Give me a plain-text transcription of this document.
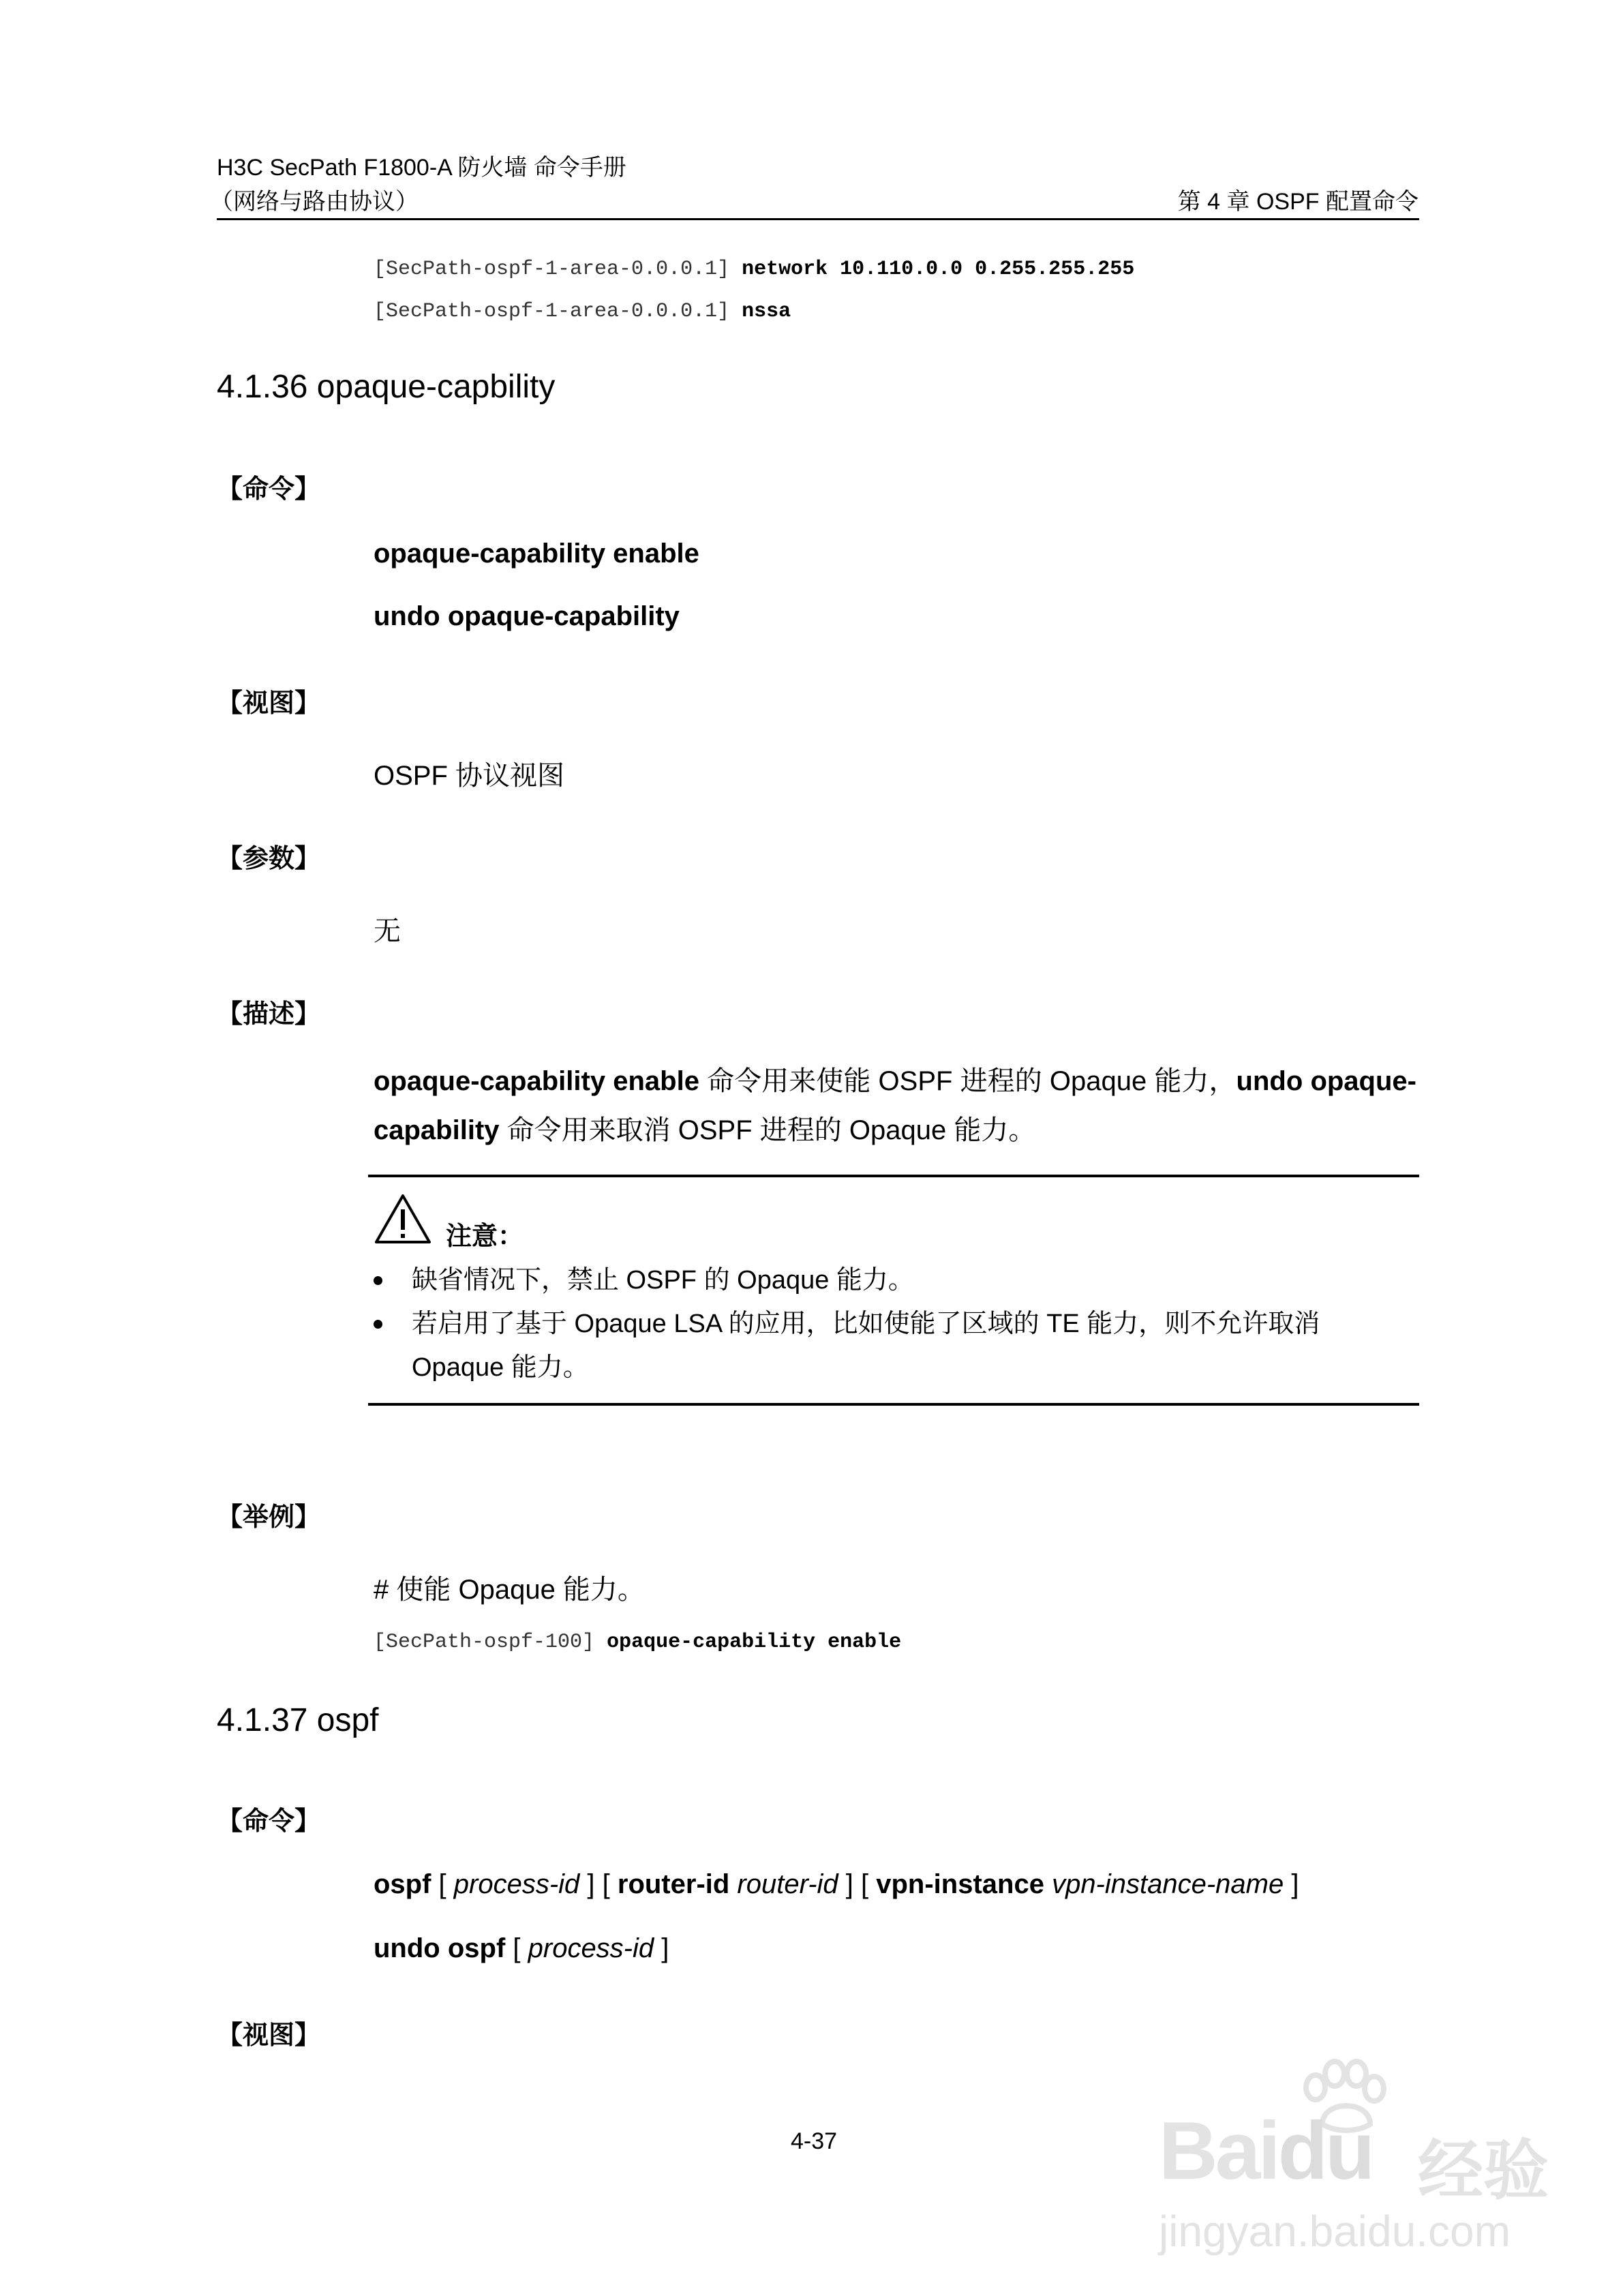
H3C SecPath F1800-A 防火墙 命令手册
（网络与路由协议）	第 4 章 OSPF 配置命令
[SecPath-ospf-1-area-0.0.0.1] network 10.110.0.0 0.255.255.255
[SecPath-ospf-1-area-0.0.0.1] nssa
4.1.36 opaque-capbility
【命令】
opaque-capability enable
undo opaque-capability
【视图】
OSPF 协议视图
【参数】
无
【描述】
opaque-capability enable 命令用来使能 OSPF 进程的 Opaque 能力，undo opaque-capability 命令用来取消 OSPF 进程的 Opaque 能力。
注意：
缺省情况下，禁止 OSPF 的 Opaque 能力。
若启用了基于 Opaque LSA 的应用，比如使能了区域的 TE 能力，则不允许取消 Opaque 能力。
【举例】
# 使能 Opaque 能力。
[SecPath-ospf-100] opaque-capability enable
4.1.37 ospf
【命令】
ospf [ process-id ] [ router-id router-id ] [ vpn-instance vpn-instance-name ]
undo ospf [ process-id ]
【视图】
4-37	Baidu 经验
jingyan.baidu.com
